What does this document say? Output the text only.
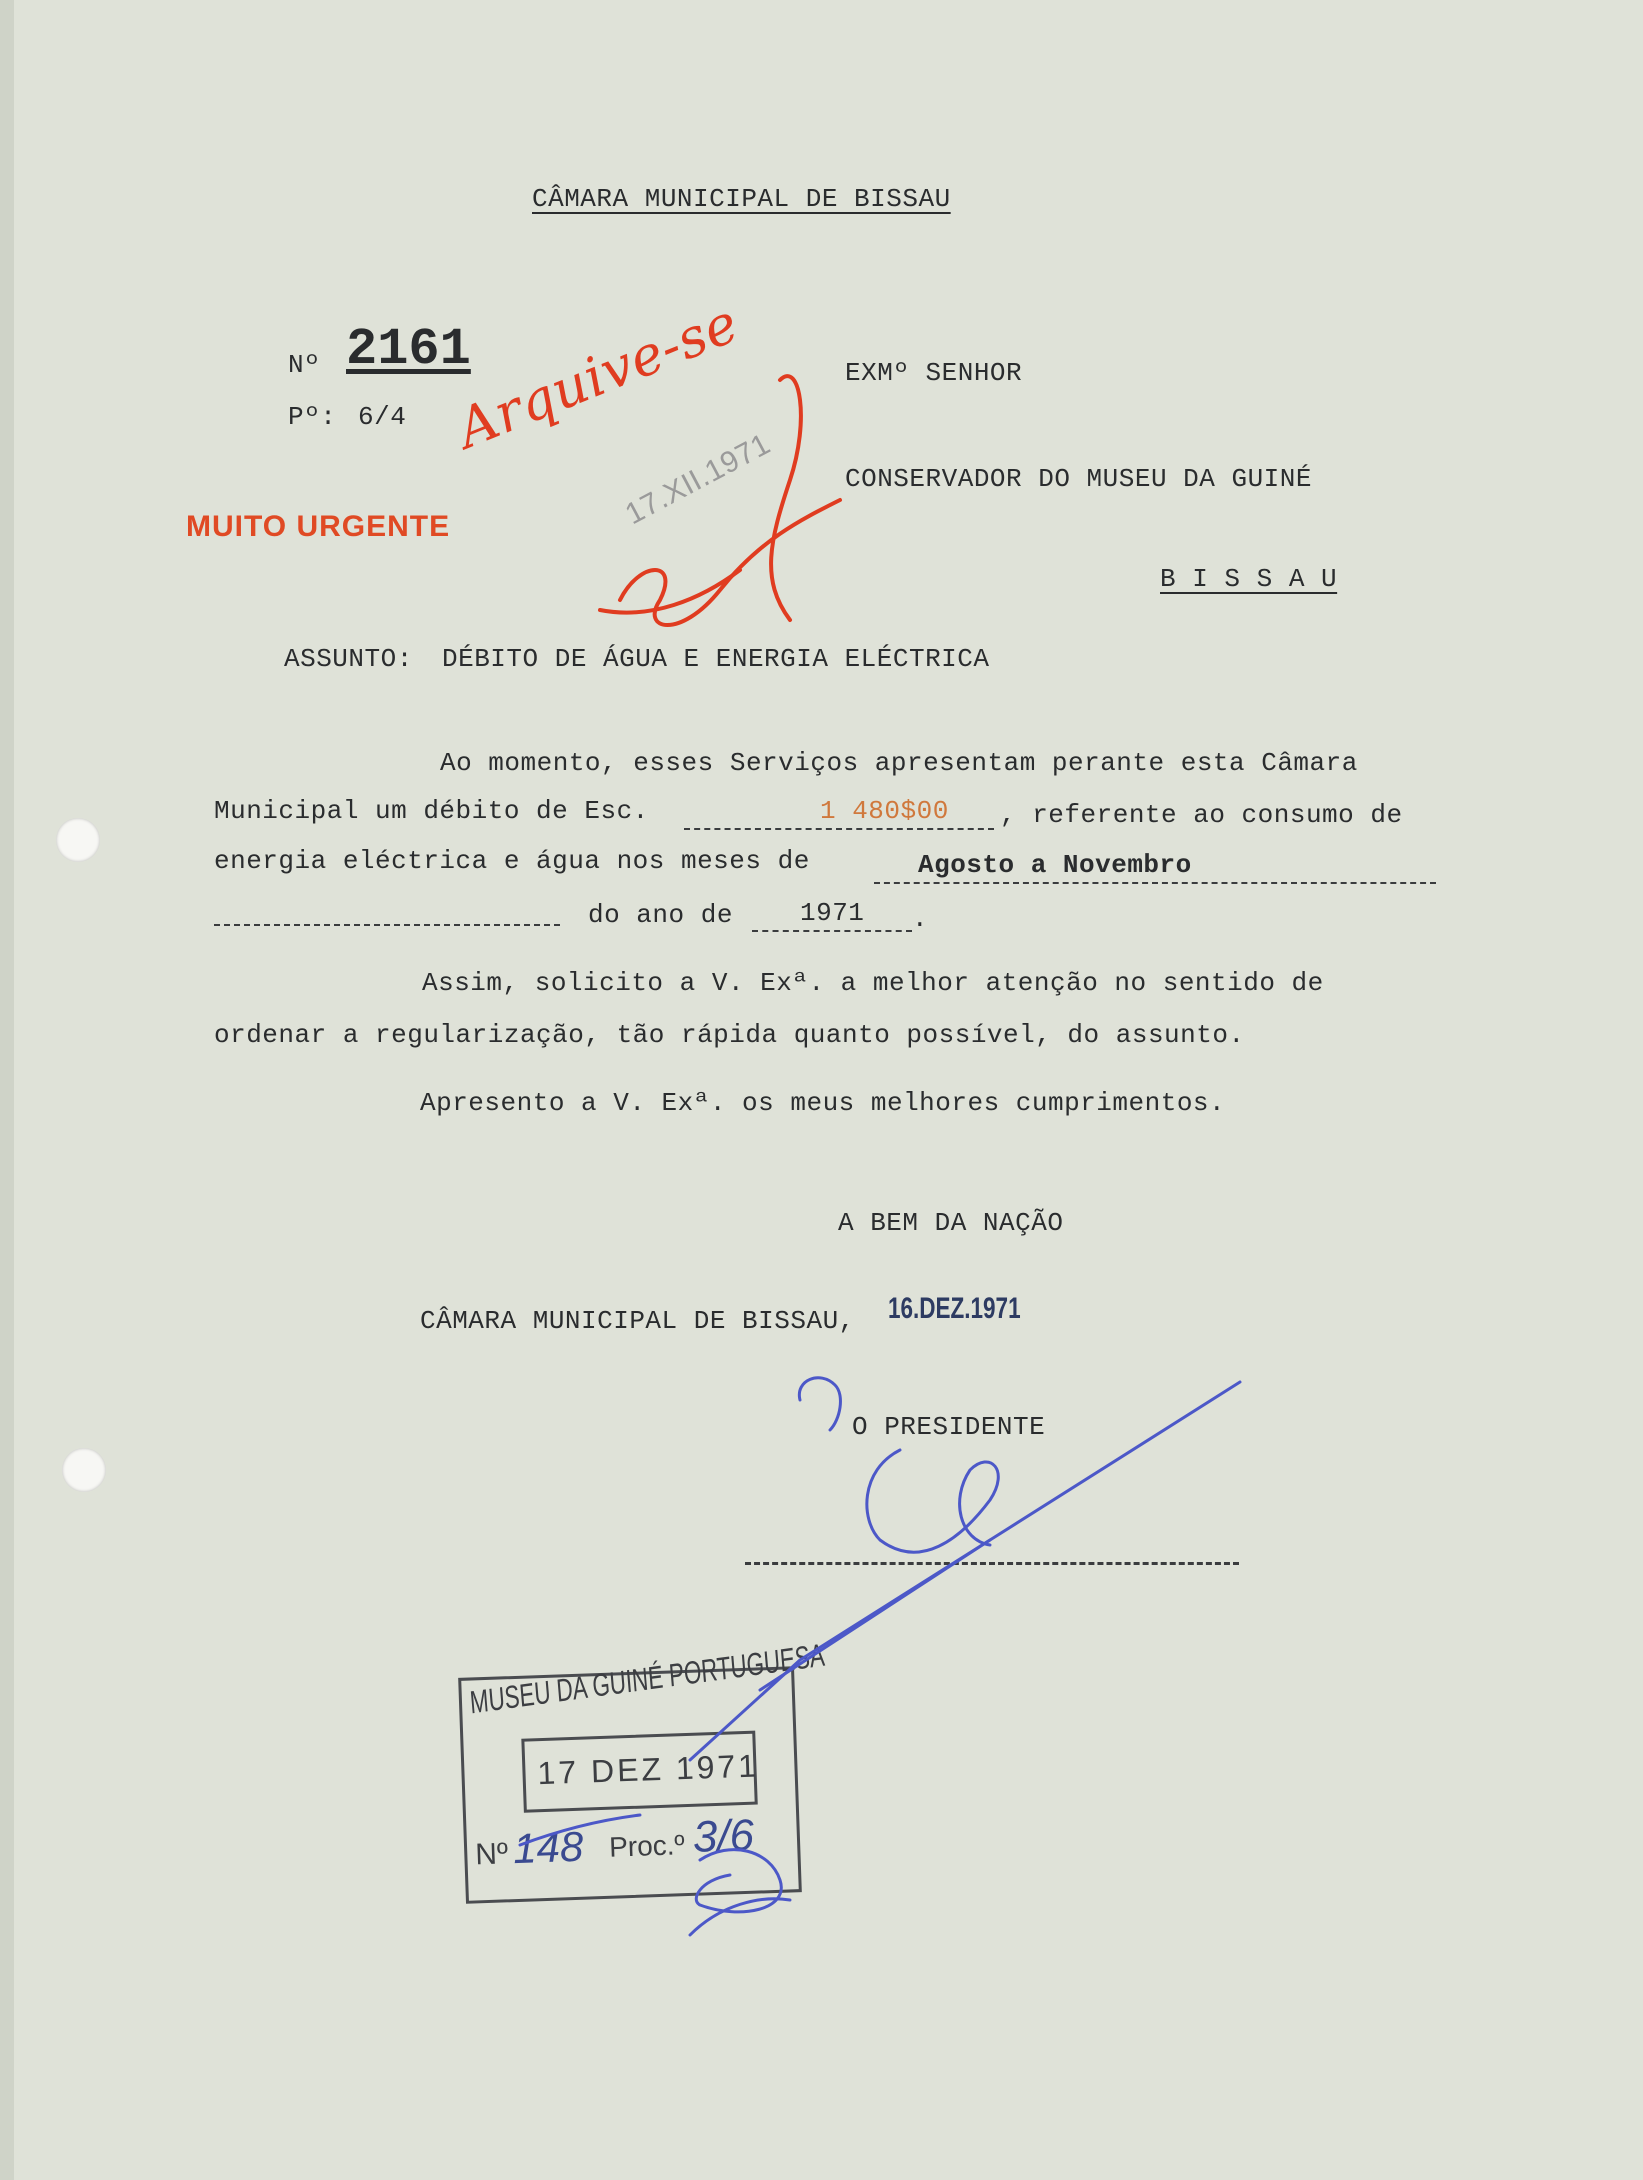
CÂMARA MUNICIPAL DE BISSAU
Nº 2161
Pº: 6/4
EXMº SENHOR
CONSERVADOR DO MUSEU DA GUINÉ
B I S S A U
MUITO URGENTE
Arquive-se
17.XII.1971
ASSUNTO: DÉBITO DE ÁGUA E ENERGIA ELÉCTRICA
Ao momento, esses Serviços apresentam perante esta Câmara
Municipal um débito de Esc.	1 480$00 , referente ao consumo de
energia eléctrica e água nos meses de	Agosto a Novembro
do ano de	1971 .
Assim, solicito a V. Exª. a melhor atenção no sentido de
ordenar a regularização, tão rápida quanto possível, do assunto.
Apresento a V. Exª. os meus melhores cumprimentos.
A BEM DA NAÇÃO
CÂMARA MUNICIPAL DE BISSAU, 16.DEZ.1971
O PRESIDENTE
MUSEU DA GUINÉ PORTUGUESA
17 DEZ 1971
Nº 148 Proc.º 3/6
